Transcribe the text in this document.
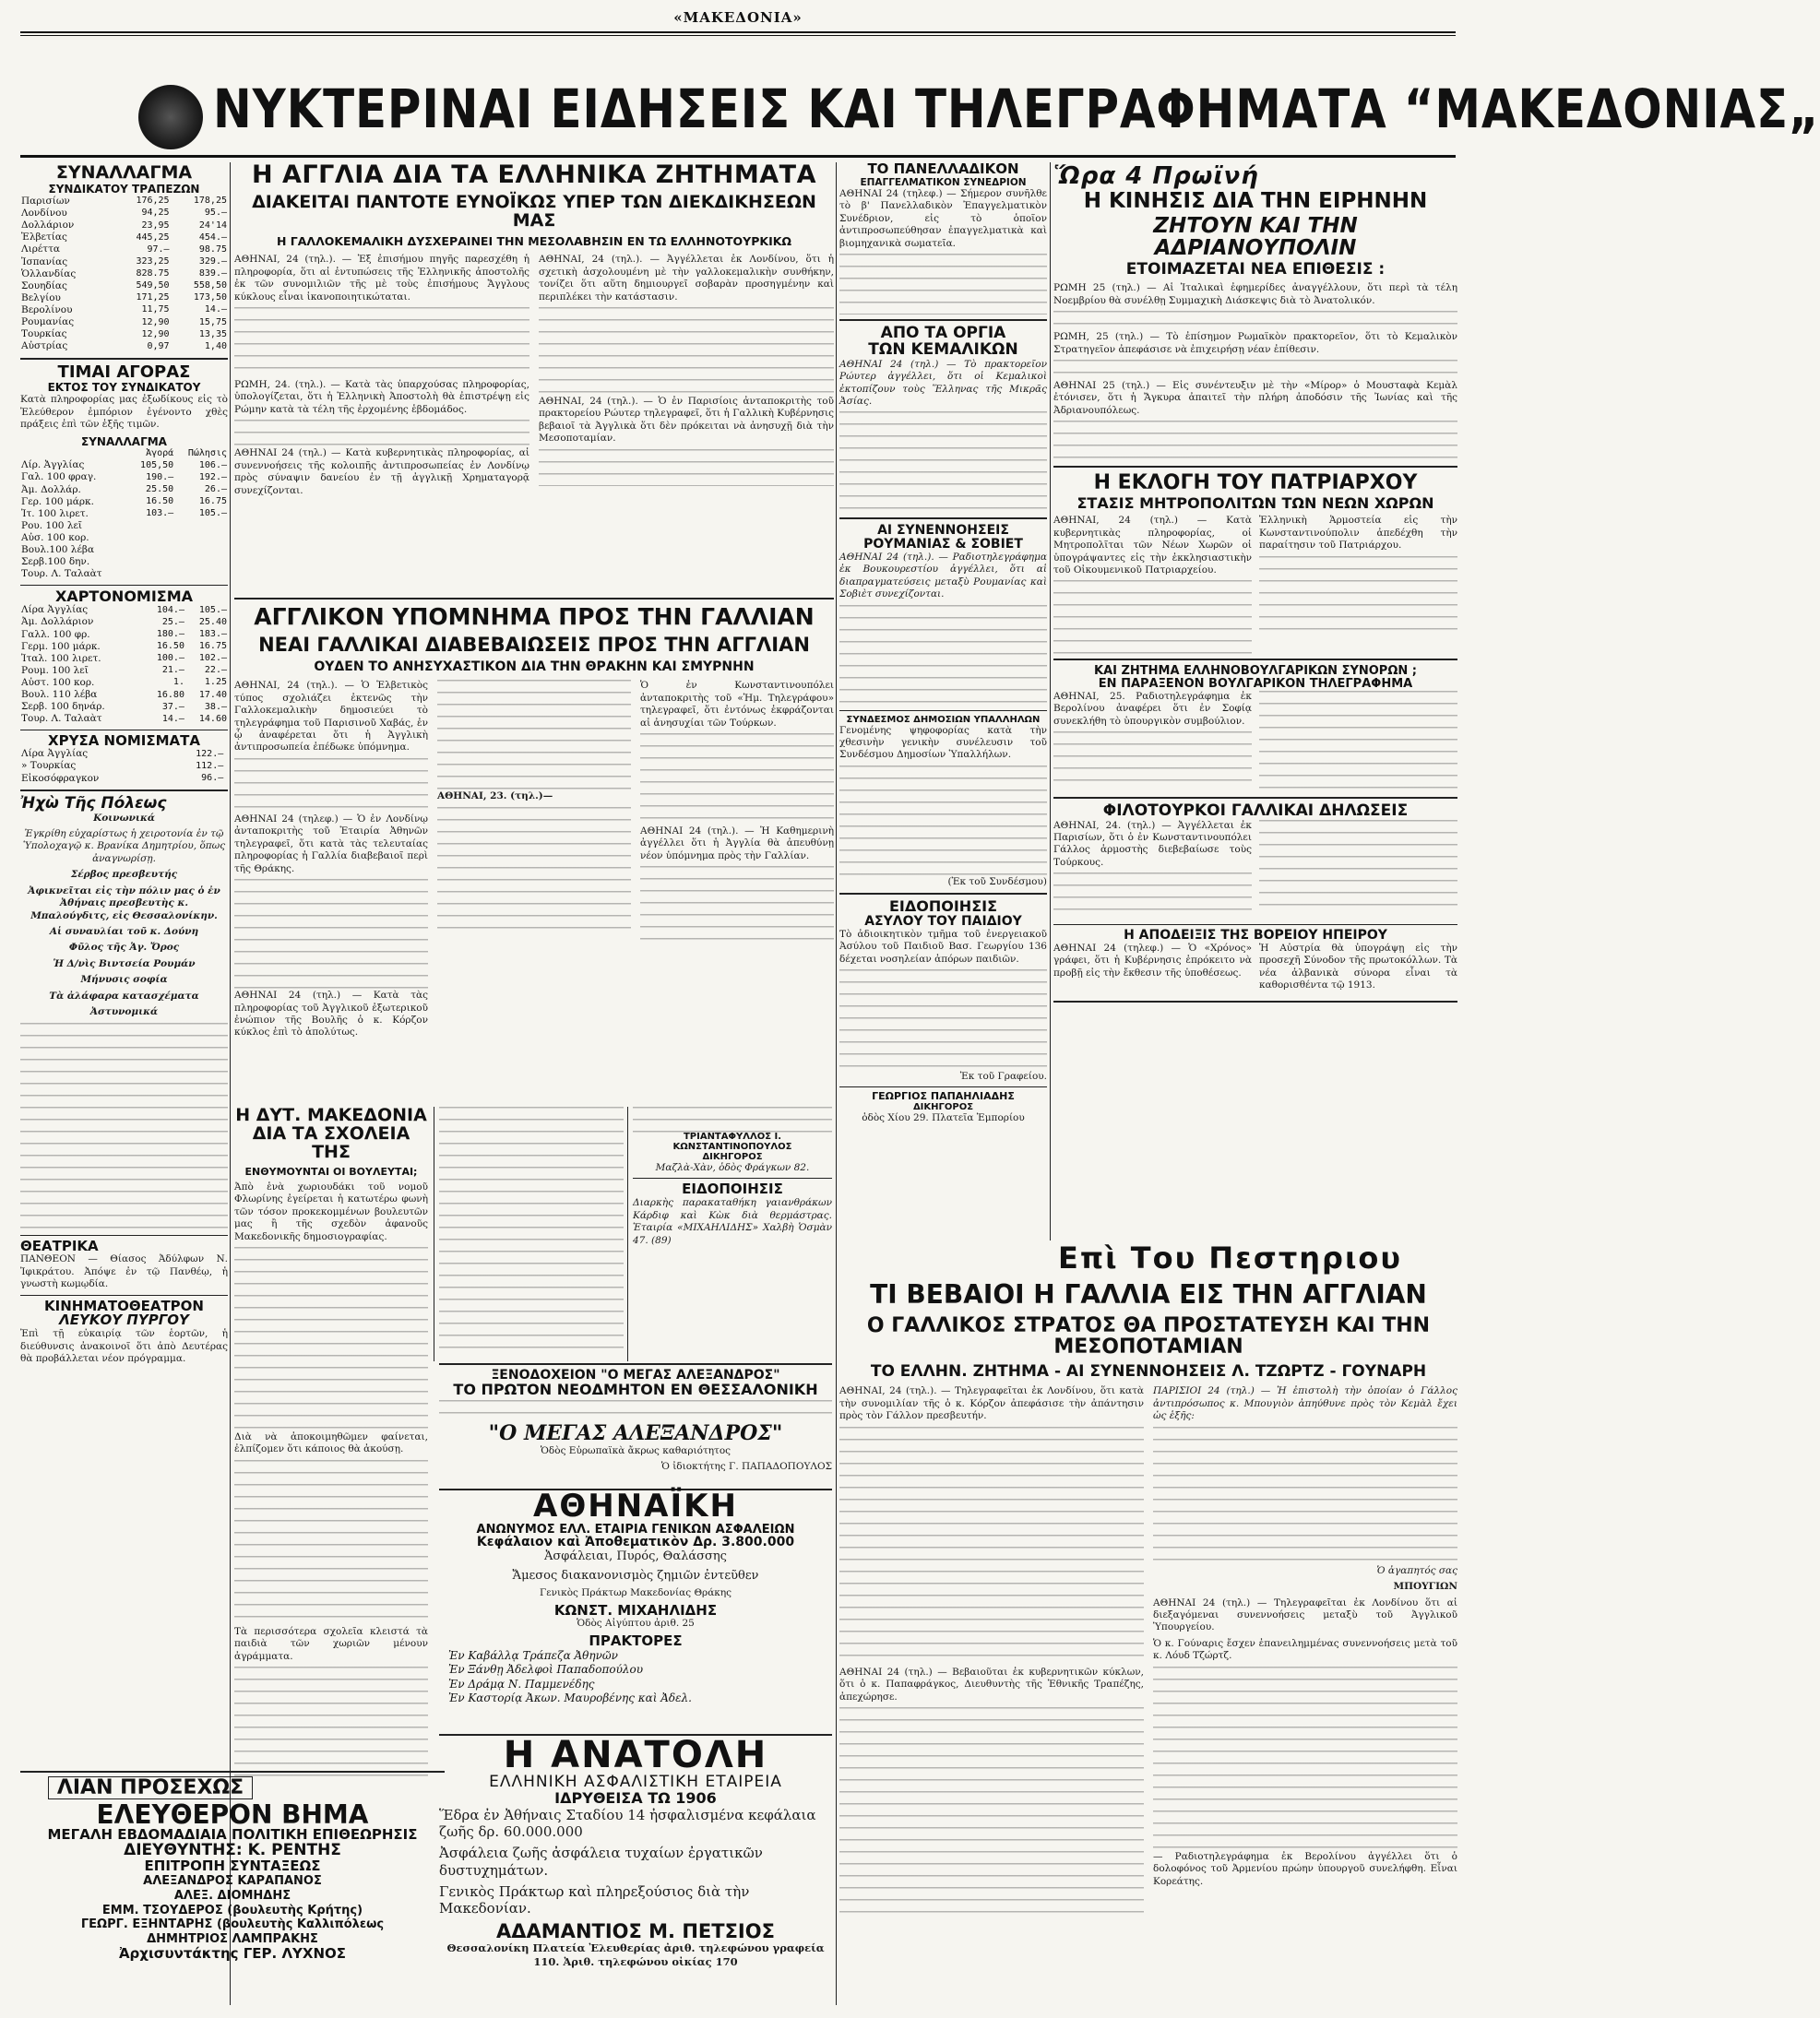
«ΜΑΚΕΔΟΝΙΑ»
ΝΥΚΤΕΡΙΝΑΙ ΕΙΔΗΣΕΙΣ ΚΑΙ ΤΗΛΕΓΡΑΦΗΜΑΤΑ “ΜΑΚΕΔΟΝΙΑΣ„
ΣΥΝΑΛΛΑΓΜΑ
ΣΥΝΔΙΚΑΤΟΥ ΤΡΑΠΕΖΩΝ
Παρισίων	176,25	178,25
Λονδίνου	94,25	95.—
Δολλάριον	23,95	24'14
Ἑλβετίας	445,25	454.—
Λιρέττα	97.—	98.75
Ἰσπανίας	323,25	329.—
Ὁλλανδίας	828.75	839.—
Σουηδίας	549,50	558,50
Βελγίου	171,25	173,50
Βερολίνου	11,75	14.—
Ρουμανίας	12,90	15,75
Τουρκίας	12,90	13,35
Αὐστρίας	0,97	1,40
ΤΙΜΑΙ ΑΓΟΡΑΣ
ΕΚΤΟΣ ΤΟΥ ΣΥΝΔΙΚΑΤΟΥ

Κατὰ πληροφορίας μας ἐξωδίκους εἰς τὸ Ἐλεύθερον ἐμπόριον ἐγένοντο χθὲς πράξεις ἐπὶ τῶν ἑξῆς τιμῶν.

ΣΥΝΑΛΛΑΓΜΑ
	Ἀγορά	Πώλησις
Λίρ. Ἀγγλίας	105,50	106.—
Γαλ. 100 φραγ.	190.—	192.—
Ἀμ. Δολλάρ.	25.50	26.—
Γερ. 100 μάρκ.	16.50	16.75
Ἰτ. 100 λιρετ.	103.—	105.—
Ρου. 100 λεῖ		
Αὐσ. 100 κορ.		
Βουλ.100 λέβα		
Σερβ.100 δην.		
Τουρ. Λ. Ταλαὰτ		
ΧΑΡΤΟΝΟΜΙΣΜΑ
Λίρα Ἀγγλίας	104.—	105.—
Ἀμ. Δολλάριον	25.—	25.40
Γαλλ. 100 φρ.	180.—	183.—
Γερμ. 100 μάρκ.	16.50	16.75
Ἰταλ. 100 λιρετ.	100.—	102.—
Ρουμ. 100 λεῖ	21.—	22.—
Αὐστ. 100 κορ.	1.	1.25
Βουλ. 110 λέβα	16.80	17.40
Σερβ. 100 δηνάρ.	37.—	38.—
Τουρ. Λ. Ταλαὰτ	14.—	14.60
ΧΡΥΣΑ ΝΟΜΙΣΜΑΤΑ
Λίρα Ἀγγλίας	122.—	
» Τουρκίας	112.—	
Εἰκοσόφραγκον	96.—	
Ἠχὼ Τῆς Πόλεως
Κοινωνικά
Ἐγκρίθη εὐχαρίστως ἡ χειροτονία ἐν τῷ Ὑπολοχαγῷ κ. Βρανίκα Δημητρίου, ὅπως ἀναγνωρίσῃ.
Σέρβος πρεσβευτής
Ἀφικνεῖται εἰς τὴν πόλιν μας ὁ ἐν Ἀθήναις πρεσβευτὴς κ. Μπαλούγδιτς, εἰς Θεσσαλονίκην.
Αἱ συναυλίαι τοῦ κ. Δούνη
Φῦλος τῆς Ἁγ. Ὄρος
Ἡ Δ/νὶς Βιντσεία Ρουμάν
Μήνυσις σοφία
Τὰ ἀλάφαρα κατασχέματα
Ἀστυνομικά
ΘΕΑΤΡΙΚΑ

ΠΑΝΘΕΟΝ — Θίασος Ἀδύλφων Ν. Ἰφικράτου. Ἀπόψε ἐν τῷ Πανθέῳ, ἡ γνωστὴ κωμῳδία.

ΚΙΝΗΜΑΤΟΘΕΑΤΡΟΝ
ΛΕΥΚΟΥ ΠΥΡΓΟΥ

Ἐπὶ τῇ εὐκαιρίᾳ τῶν ἑορτῶν, ἡ διεύθυνσις ἀνακοινοῖ ὅτι ἀπὸ Δευτέρας θὰ προβάλλεται νέον πρόγραμμα.

ΛΙΑΝ ΠΡΟΣΕΧΩΣ
ΕΛΕΥΘΕΡΟΝ ΒΗΜΑ
ΜΕΓΑΛΗ ΕΒΔΟΜΑΔΙΑΙΑ ΠΟΛΙΤΙΚΗ ΕΠΙΘΕΩΡΗΣΙΣ
ΔΙΕΥΘΥΝΤΗΣ: Κ. ΡΕΝΤΗΣ
ΕΠΙΤΡΟΠΗ ΣΥΝΤΑΞΕΩΣ
ΑΛΕΞΑΝΔΡΟΣ ΚΑΡΑΠΑΝΟΣ
ΑΛΕΞ. ΔΙΟΜΗΔΗΣ
ΕΜΜ. ΤΣΟΥΔΕΡΟΣ (βουλευτὴς Κρήτης)
ΓΕΩΡΓ. ΕΞΗΝΤΑΡΗΣ (βουλευτὴς Καλλιπόλεως
ΔΗΜΗΤΡΙΟΣ ΛΑΜΠΡΑΚΗΣ
Ἀρχισυντάκτης ΓΕΡ. ΛΥΧΝΟΣ
Η ΑΓΓΛΙΑ ΔΙΑ ΤΑ ΕΛΛΗΝΙΚΑ ΖΗΤΗΜΑΤΑ
ΔΙΑΚΕΙΤΑΙ ΠΑΝΤΟΤΕ ΕΥΝΟΪΚΩΣ ΥΠΕΡ ΤΩΝ ΔΙΕΚΔΙΚΗΣΕΩΝ ΜΑΣ
Η ΓΑΛΛΟΚΕΜΑΛΙΚΗ ΔΥΣΧΕΡΑΙΝΕΙ ΤΗΝ ΜΕΣΟΛΑΒΗΣΙΝ ΕΝ ΤΩ ΕΛΛΗΝΟΤΟΥΡΚΙΚΩ

ΑΘΗΝΑΙ, 24 (τηλ.). — Ἐξ ἐπισήμου πηγῆς παρεσχέθη ἡ πληροφορία, ὅτι αἱ ἐντυπώσεις τῆς Ἑλληνικῆς ἀποστολῆς ἐκ τῶν συνομιλιῶν τῆς μὲ τοὺς ἐπισήμους Ἄγγλους κύκλους εἶναι ἱκανοποιητικώταται.

ΡΩΜΗ, 24. (τηλ.). — Κατὰ τὰς ὑπαρχούσας πληροφορίας, ὑπολογίζεται, ὅτι ἡ Ἑλληνικὴ Ἀποστολὴ θὰ ἐπιστρέψῃ εἰς Ρώμην κατὰ τὰ τέλη τῆς ἐρχομένης ἑβδομάδος.

ΑΘΗΝΑΙ 24 (τηλ.) — Κατὰ κυβερνητικὰς πληροφορίας, αἱ συνεννοήσεις τῆς κολοιπῆς ἀντιπροσωπείας ἐν Λονδίνῳ πρὸς σύναψιν δανείου ἐν τῇ ἀγγλικῇ Χρηματαγορᾷ συνεχίζονται.

ΑΘΗΝΑΙ, 24 (τηλ.). — Ἀγγέλλεται ἐκ Λονδίνου, ὅτι ἡ σχετικὴ ἀσχολουμένη μὲ τὴν γαλλοκεμαλικὴν συνθήκην, τονίζει ὅτι αὕτη δημιουργεῖ σοβαρὰν προσηγμένην καὶ περιπλέκει τὴν κατάστασιν.

ΑΘΗΝΑΙ, 24 (τηλ.). — Ὁ ἐν Παρισίοις ἀνταποκριτὴς τοῦ πρακτορείου Ρώυτερ τηλεγραφεῖ, ὅτι ἡ Γαλλικὴ Κυβέρνησις βεβαιοῖ τὰ Ἀγγλικὰ ὅτι δὲν πρόκειται νὰ ἀνησυχῇ διὰ τὴν Μεσοποταμίαν.

ΑΓΓΛΙΚΟΝ ΥΠΟΜΝΗΜΑ ΠΡΟΣ ΤΗΝ ΓΑΛΛΙΑΝ
ΝΕΑΙ ΓΑΛΛΙΚΑΙ ΔΙΑΒΕΒΑΙΩΣΕΙΣ ΠΡΟΣ ΤΗΝ ΑΓΓΛΙΑΝ
ΟΥΔΕΝ ΤΟ ΑΝΗΣΥΧΑΣΤΙΚΟΝ ΔΙΑ ΤΗΝ ΘΡΑΚΗΝ ΚΑΙ ΣΜΥΡΝΗΝ

ΑΘΗΝΑΙ, 24 (τηλ.). — Ὁ Ἑλβετικὸς τύπος σχολιάζει ἐκτενῶς τὴν Γαλλοκεμαλικὴν δημοσιεύει τὸ τηλεγράφημα τοῦ Παρισινοῦ Χαβάς, ἐν ᾧ ἀναφέρεται ὅτι ἡ Ἀγγλικὴ ἀντιπροσωπεία ἐπέδωκε ὑπόμνημα.

ΑΘΗΝΑΙ 24 (τηλεφ.) — Ὁ ἐν Λονδίνῳ ἀνταποκριτὴς τοῦ Ἑταιρία Ἀθηνῶν τηλεγραφεῖ, ὅτι κατὰ τὰς τελευταίας πληροφορίας ἡ Γαλλία διαβεβαιοῖ περὶ τῆς Θράκης.

ΑΘΗΝΑΙ 24 (τηλ.) — Κατὰ τὰς πληροφορίας τοῦ Ἀγγλικοῦ ἐξωτερικοῦ ἐνώπιον τῆς Βουλῆς ὁ κ. Κόρζον κύκλος ἐπὶ τὸ ἀπολύτως.

ΑΘΗΝΑΙ, 23. (τηλ.)—

Ὁ ἐν Κωνσταντινουπόλει ἀνταποκριτὴς τοῦ «Ἡμ. Τηλεγράφου» τηλεγραφεῖ, ὅτι ἐντόνως ἐκφράζονται αἱ ἀνησυχίαι τῶν Τούρκων.

ΑΘΗΝΑΙ 24 (τηλ.). — Ἡ Καθημερινὴ ἀγγέλλει ὅτι ἡ Ἀγγλία θὰ ἀπευθύνῃ νέον ὑπόμνημα πρὸς τὴν Γαλλίαν.

Η ΔΥΤ. ΜΑΚΕΔΟΝΙΑ
ΔΙΑ ΤΑ ΣΧΟΛΕΙΑ ΤΗΣ
ΕΝΘΥΜΟΥΝΤΑΙ ΟΙ ΒΟΥΛΕΥΤΑΙ;

Ἀπὸ ἑνὰ χωριουδάκι τοῦ νομοῦ Φλωρίνης ἐγείρεται ἡ κατωτέρω φωνὴ τῶν τόσον προκεκομμένων βουλευτῶν μας ἢ τῆς σχεδὸν ἀφανοῦς Μακεδονικῆς δημοσιογραφίας.

Διὰ νὰ ἀποκοιμηθῶμεν φαίνεται, ἐλπίζομεν ὅτι κάποιος θὰ ἀκούσῃ.

Τὰ περισσότερα σχολεῖα κλειστά τὰ παιδιὰ τῶν χωριῶν μένουν ἀγράμματα.

ΞΕΝΟΔΟΧΕΙΟΝ "Ο ΜΕΓΑΣ ΑΛΕΞΑΝΔΡΟΣ"
ΤΟ ΠΡΩΤΟΝ ΝΕΟΔΜΗΤΟΝ ΕΝ ΘΕΣΣΑΛΟΝΙΚΗ
"Ο ΜΕΓΑΣ ΑΛΕΞΑΝΔΡΟΣ"
Ὁδὸς Εὐρωπαϊκὰ ἄκρως καθαριότητος
Ὁ ἰδιοκτήτης Γ. ΠΑΠΑΔΟΠΟΥΛΟΣ
ΑΘΗΝΑΪΚΗ
ΑΝΩΝΥΜΟΣ ΕΛΛ. ΕΤΑΙΡΙΑ ΓΕΝΙΚΩΝ ΑΣΦΑΛΕΙΩΝ
Κεφάλαιον καὶ Ἀποθεματικὸν Δρ. 3.800.000
Ἀσφάλειαι, Πυρός, Θαλάσσης
Ἄμεσος διακανονισμὸς ζημιῶν ἐντεῦθεν
Γενικὸς Πράκτωρ Μακεδονίας Θράκης
ΚΩΝΣΤ. ΜΙΧΑΗΛΙΔΗΣ
Ὁδὸς Αἰγύπτου ἀριθ. 25
ΠΡΑΚΤΟΡΕΣ
Ἐν Καβάλλᾳ Τράπεζα Ἀθηνῶν
Ἐν Ξάνθῃ Ἀδελφοὶ Παπαδοπούλου
Ἐν Δράμᾳ Ν. Παμμενέδης
Ἐν Καστορίᾳ Ἀκων. Μαυροβένης καὶ Ἀδελ.
Η ΑΝΑΤΟΛΗ
ΕΛΛΗΝΙΚΗ ΑΣΦΑΛΙΣΤΙΚΗ ΕΤΑΙΡΕΙΑ
ΙΔΡΥΘΕΙΣΑ ΤΩ 1906

Ἕδρα ἐν Ἀθήναις Σταδίου 14 ἠσφαλισμένα κεφάλαια ζωῆς δρ. 60.000.000

Ἀσφάλεια ζωῆς ἀσφάλεια τυχαίων ἐργατικῶν δυστυχημάτων.

Γενικὸς Πράκτωρ καὶ πληρεξούσιος διὰ τὴν Μακεδονίαν.

ΑΔΑΜΑΝΤΙΟΣ Μ. ΠΕΤΣΙΟΣ
Θεσσαλονίκη Πλατεία Ἐλευθερίας ἀριθ. τηλεφώνου γραφεία 110. Ἀριθ. τηλεφώνου οἰκίας 170
ΤΟ ΠΑΝΕΛΛΑΔΙΚΟΝ
ΕΠΑΓΓΕΛΜΑΤΙΚΟΝ ΣΥΝΕΔΡΙΟΝ

ΑΘΗΝΑΙ 24 (τηλεφ.) — Σήμερον συνῆλθε τὸ β' Πανελλαδικὸν Ἐπαγγελματικὸν Συνέδριον, εἰς τὸ ὁποῖον ἀντιπροσωπεύθησαν ἐπαγγελματικὰ καὶ βιομηχανικὰ σωματεῖα.

ΑΠΟ ΤΑ ΟΡΓΙΑ
ΤΩΝ ΚΕΜΑΛΙΚΩΝ

ΑΘΗΝΑΙ 24 (τηλ.) — Τὸ πρακτορεῖον Ρώυτερ ἀγγέλλει, ὅτι οἱ Κεμαλικοὶ ἐκτοπίζουν τοὺς Ἕλληνας τῆς Μικρᾶς Ἀσίας.

ΑΙ ΣΥΝΕΝΝΟΗΣΕΙΣ
ΡΟΥΜΑΝΙΑΣ & ΣΟΒΙΕΤ

ΑΘΗΝΑΙ 24 (τηλ.). — Ραδιοτηλεγράφημα ἐκ Βουκουρεστίου ἀγγέλλει, ὅτι αἱ διαπραγματεύσεις μεταξὺ Ρουμανίας καὶ Σοβιὲτ συνεχίζονται.

ΣΥΝΔΕΣΜΟΣ ΔΗΜΟΣΙΩΝ ΥΠΑΛΛΗΛΩΝ

Γενομένης ψηφοφορίας κατὰ τὴν χθεσινὴν γενικὴν συνέλευσιν τοῦ Συνδέσμου Δημοσίων Ὑπαλλήλων.

(Ἐκ τοῦ Συνδέσμου)
ΕΙΔΟΠΟΙΗΣΙΣ
ΑΣΥΛΟΥ ΤΟΥ ΠΑΙΔΙΟΥ

Τὸ ἀδιοικητικὸν τμῆμα τοῦ ἐνεργειακοῦ Ἀσύλου τοῦ Παιδιοῦ Βασ. Γεωργίου 136 δέχεται νοσηλείαν ἀπόρων παιδιῶν.

Ἐκ τοῦ Γραφείου.
ΓΕΩΡΓΙΟΣ ΠΑΠΑΗΛΙΑΔΗΣ
ΔΙΚΗΓΟΡΟΣ
ὁδὸς Χίου 29. Πλατεῖα Ἐμπορίου
ΤΡΙΑΝΤΑΦΥΛΛΟΣ Ι. ΚΩΝΣΤΑΝΤΙΝΟΠΟΥΛΟΣ
ΔΙΚΗΓΟΡΟΣ
Μαζλὰ-Χὰν, ὁδὸς Φράγκων 82.
ΕΙΔΟΠΟΙΗΣΙΣ

Διαρκὴς παρακαταθήκη γαιανθράκων Κάρδιφ καὶ Κὼκ διὰ θερμάστρας. Ἑταιρία «ΜΙΧΑΗΛΙΔΗΣ» Χαλβὴ Ὁσμὰν 47. (89)

Ὥρα 4 Πρωϊνή
Η ΚΙΝΗΣΙΣ ΔΙΑ ΤΗΝ ΕΙΡΗΝΗΝ
ΖΗΤΟΥΝ ΚΑΙ ΤΗΝ ΑΔΡΙΑΝΟΥΠΟΛΙΝ
ΕΤΟΙΜΑΖΕΤΑΙ ΝΕΑ ΕΠΙΘΕΣΙΣ :

ΡΩΜΗ 25 (τηλ.) — Αἱ Ἰταλικαὶ ἐφημερίδες ἀναγγέλλουν, ὅτι περὶ τὰ τέλη Νοεμβρίου θὰ συνέλθῃ Συμμαχικὴ Διάσκεψις διὰ τὸ Ἀνατολικόν.

ΡΩΜΗ, 25 (τηλ.) — Τὸ ἐπίσημον Ρωμαϊκὸν πρακτορεῖον, ὅτι τὸ Κεμαλικὸν Στρατηγεῖον ἀπεφάσισε νὰ ἐπιχειρήσῃ νέαν ἐπίθεσιν.

ΑΘΗΝΑΙ 25 (τηλ.) — Εἰς συνέντευξιν μὲ τὴν «Μίρορ» ὁ Μουσταφὰ Κεμὰλ ἐτόνισεν, ὅτι ἡ Ἄγκυρα ἀπαιτεῖ τὴν πλήρη ἀποδόσιν τῆς Ἰωνίας καὶ τῆς Ἀδριανουπόλεως.

Η ΕΚΛΟΓΗ ΤΟΥ ΠΑΤΡΙΑΡΧΟΥ
ΣΤΑΣΙΣ ΜΗΤΡΟΠΟΛΙΤΩΝ ΤΩΝ ΝΕΩΝ ΧΩΡΩΝ

ΑΘΗΝΑΙ, 24 (τηλ.) — Κατὰ κυβερνητικὰς πληροφορίας, οἱ Μητροπολῖται τῶν Νέων Χωρῶν οἱ ὑπογράψαντες εἰς τὴν ἐκκλησιαστικὴν τοῦ Οἰκουμενικοῦ Πατριαρχείου.

Ἑλληνικὴ Ἁρμοστεία εἰς τὴν Κωνσταντινούπολιν ἀπεδέχθη τὴν παραίτησιν τοῦ Πατριάρχου.

ΚΑΙ ΖΗΤΗΜΑ ΕΛΛΗΝΟΒΟΥΛΓΑΡΙΚΩΝ ΣΥΝΟΡΩΝ ;
ΕΝ ΠΑΡΑΞΕΝΟΝ ΒΟΥΛΓΑΡΙΚΟΝ ΤΗΛΕΓΡΑΦΗΜΑ

ΑΘΗΝΑΙ, 25. Ραδιοτηλεγράφημα ἐκ Βερολίνου ἀναφέρει ὅτι ἐν Σοφίᾳ συνεκλήθη τὸ ὑπουργικὸν συμβούλιον.

ΦΙΛΟΤΟΥΡΚΟΙ ΓΑΛΛΙΚΑΙ ΔΗΛΩΣΕΙΣ

ΑΘΗΝΑΙ, 24. (τηλ.) — Ἀγγέλλεται ἐκ Παρισίων, ὅτι ὁ ἐν Κωνσταντινουπόλει Γάλλος ἁρμοστὴς διεβεβαίωσε τοὺς Τούρκους.

Η ΑΠΟΔΕΙΞΙΣ ΤΗΣ ΒΟΡΕΙΟΥ ΗΠΕΙΡΟΥ

ΑΘΗΝΑΙ 24 (τηλεφ.) — Ὁ «Χρόνος» γράφει, ὅτι ἡ Κυβέρνησις ἐπρόκειτο νὰ προβῇ εἰς τὴν ἔκθεσιν τῆς ὑποθέσεως.

Ἡ Αὐστρία θὰ ὑπογράψῃ εἰς τὴν προσεχῆ Σύνοδον τῆς πρωτοκόλλων. Τὰ νέα ἀλβανικὰ σύνορα εἶναι τὰ καθορισθέντα τῷ 1913.

Επὶ Του Πεστηριου
ΤΙ ΒΕΒΑΙΟΙ Η ΓΑΛΛΙΑ ΕΙΣ ΤΗΝ ΑΓΓΛΙΑΝ
Ο ΓΑΛΛΙΚΟΣ ΣΤΡΑΤΟΣ ΘΑ ΠΡΟΣΤΑΤΕΥΣΗ ΚΑΙ ΤΗΝ ΜΕΣΟΠΟΤΑΜΙΑΝ
ΤΟ ΕΛΛΗΝ. ΖΗΤΗΜΑ - ΑΙ ΣΥΝΕΝΝΟΗΣΕΙΣ Λ. ΤΖΩΡΤΖ - ΓΟΥΝΑΡΗ

ΑΘΗΝΑΙ, 24 (τηλ.). — Τηλεγραφεῖται ἐκ Λονδίνου, ὅτι κατὰ τὴν συνομιλίαν τῆς ὁ κ. Κόρζον ἀπεφάσισε τὴν ἀπάντησιν πρὸς τὸν Γάλλον πρεσβευτήν.

ΑΘΗΝΑΙ 24 (τηλ.) — Βεβαιοῦται ἐκ κυβερνητικῶν κύκλων, ὅτι ὁ κ. Παπαφράγκος, Διευθυντὴς τῆς Ἐθνικῆς Τραπέζης, ἀπεχώρησε.

ΠΑΡΙΣΙΟΙ 24 (τηλ.) — Ἡ ἐπιστολὴ τὴν ὁποίαν ὁ Γάλλος ἀντιπρόσωπος κ. Μπουγιὸν ἀπηύθυνε πρὸς τὸν Κεμὰλ ἔχει ὡς ἑξῆς:

Ὁ ἀγαπητός σας
ΜΠΟΥΓΙΩΝ

ΑΘΗΝΑΙ 24 (τηλ.) — Τηλεγραφεῖται ἐκ Λονδίνου ὅτι αἱ διεξαγόμεναι συνεννοήσεις μεταξὺ τοῦ Ἀγγλικοῦ Ὑπουργείου.

Ὁ κ. Γούναρις ἔσχεν ἐπανειλημμένας συνεννοήσεις μετὰ τοῦ κ. Λόυδ Τζώρτζ.

— Ραδιοτηλεγράφημα ἐκ Βερολίνου ἀγγέλλει ὅτι ὁ δολοφόνος τοῦ Ἀρμενίου πρώην ὑπουργοῦ συνελήφθη. Εἶναι Κορεάτης.
